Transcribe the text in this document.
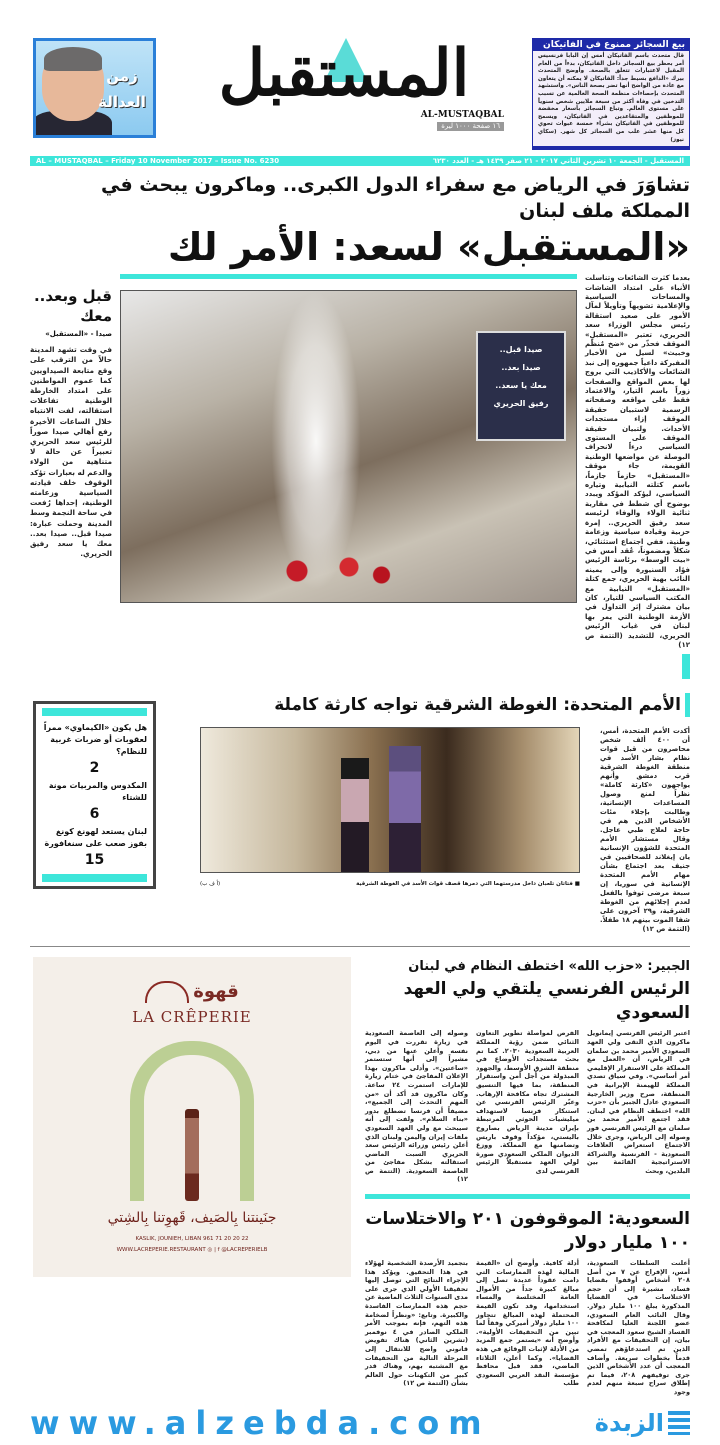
زمن العدالة المستقبل
AL-MUSTAQBAL
١٦ صفحة ١٠٠٠ ليرة
بيع السجائر ممنوع في الفاتيكان
قال متحدث باسم الفاتيكان أمس إن البابا فرنسيس أمر بحظر بيع السجائر داخل الفاتيكان، بدءاً من العام المقبل لاعتبارات تتعلق بالصحة. وأوضح المتحدث بيرك «الدافع بسيط جداً: الفاتيكان لا يمكنه أن يتعاون مع عادة من الواضح أنها تضر بصحة الناس». واستشهد المتحدث بإحصاءات منظمة الصحة العالمية عن تسبب التدخين في وفاة أكثر من سبعة ملايين شخص سنوياً على مستوى العالم. وتباع السجائر بأسعار مخفضة للموظفين والمتقاعدين في الفاتيكان، ويسمح للموظفين في الفاتيكان بشراء خمسة عبوات تحوي كل منها عشر علب من السجائر كل شهر. (سكاي نيوز)
AL – MUSTAQBAL – Friday 10 November 2017 – Issue No. 6230	المستقبل - الجمعة ١٠ تشرين الثاني ٢٠١٧ - ٢١ صفر ١٤٣٩ هـ - العدد ٦٢٣٠
تشاوَرَ في الرياض مع سفراء الدول الكبرى.. وماكرون يبحث في المملكة ملف لبنان
«المستقبل» لسعد: الأمر لك
بعدما كثرت الشائعات وتناسلت الأنباء على امتداد الشاشات والمساحات السياسية والإعلامية تشويهاً وتأويلاً لمآل الأمور على صعيد استقالة رئيس مجلس الوزراء سعد الحريري، تعتبر «المستقبل» الموقف فحذّر من «ضخ مُنظّم وخبيث» لسيل من الأخبار المفبركة داعياً جمهوره إلى نبذ الشائعات والأكاذيب التي يروج لها بعض المواقع والصفحات زوراً باسم التيار، والاعتماد فقط على مواقعه وصفحاته الرسمية لاستبيان حقيقة الموقف إزاء مستجدات الأحداث. ولتبيان حقيقة الموقف على المستوى السياسي درءاً لانحراف البوصلة عن مواضعها الوطنية القويمة، جاء موقف «المستقبل» حازماً جازماً، باسم كتلته النيابية وتياره السياسي، ليؤكد المؤكد ويبدد بوضوح أي شطط في مقاربة ثنائية الولاء والوفاء لرئيسه سعد رفيق الحريري.. إمرة حزبية وقيادة سياسية وزعامة وطنية. ففي اجتماع استثنائي، شكلاً ومضموناً، عُقد أمس في «بيت الوسط» برئاسة الرئيس فؤاد السنيورة وإلى يمينه النائب بهية الحريري، جمع كتلة «المستقبل» النيابية مع المكتب السياسي للتيار، كان بيان مشترك إثر التداول في الأزمة الوطنية التي يمر بها لبنان في غياب الرئيس الحريري، للتشديد (التتمة ص ١٢)
صيدا قبل..
صيدا بعد..
معك يا سعد..
رفيق الحريري
قبل وبعد.. معك
صيدا - «المستقبل»
في وقت تشهد المدينة حالاً من الترقب على وقع متابعة الصيداويين كما عموم المواطنين على امتداد الخارطة الوطنية تفاعلات استقالته، لفت الانتباه خلال الساعات الأخيرة رفع أهالي صيدا صوراً للرئيس سعد الحريري تعبيراً عن حالة لا متناهية من الولاء والدعم له بعبارات تؤكد الوقوف خلف قيادته السياسية وزعامته الوطنية، إحداها رُفعت في ساحة النجمة وسط المدينة وحملت عبارة: صيدا قبل.. صيدا بعد.. معك يا سعد رفيق الحريري.
الأمم المتحدة: الغوطة الشرقية تواجه كارثة كاملة
أكدت الأمم المتحدة، أمس، أن ٤٠٠ ألف شخص محاصرون من قبل قوات نظام بشار الأسد في منطقة الغوطة الشرقية قرب دمشق وأنهم يواجهون «كارثة كاملة» نظراً لمنع وصول المساعدات الإنسانية، وطالبت بإجلاء مئات الأشخاص الذين هم في حاجة لعلاج طبي عاجل. وقال مستشار الأمم المتحدة للشؤون الإنسانية يان إيغلاند للصحافيين في جنيف بعد اجتماع بشأن مهام الأمم المتحدة الإنسانية في سوريا، إن سبعة مرضى توفوا بالفعل لعدم إجلائهم من الغوطة الشرقية، و٢٩ آخرون على شفا الموت بينهم ١٨ طفلاً. (التتمة ص ١٢)
■ فتاتان تلعبان داخل مدرستهما التي دمرها قصف قوات الأسد في الغوطة الشرقية
(أ ف ب)
هل يكون «الكيماوي» ممراً لعقوبات أو ضربات غربية للنظام؟
2
المكدوس والمربيات مونة للشتاء
6
لبنان يستعد لهونغ كونغ بفوز صعب على سنغافورة
15
الجبير: «حزب الله» اختطف النظام في لبنان
الرئيس الفرنسي يلتقي ولي العهد السعودي
اعتبر الرئيس الفرنسي إيمانويل ماكرون الذي التقى ولي العهد السعودي الأمير محمد بن سلمان في الرياض، أن «العمل مع المملكة على الاستقرار الإقليمي أمر أساسي». وفي سياق تصدي المملكة للهيمنة الإيرانية في المنطقة، صرح وزير الخارجية السعودي عادل الجبير بأن «حزب الله» اختطف النظام في لبنان. فقد اجتمع الأمير محمد بن سلمان مع الرئيس الفرنسي فور وصوله إلى الرياض، وجرى خلال الاجتماع استعراض العلاقات السعودية - الفرنسية والشراكة الاستراتيجية القائمة بين البلدين، وبحث
الفرص لمواصلة تطوير التعاون الثنائي ضمن رؤية المملكة العربية السعودية ٢٠٣٠. كما تم بحث مستجدات الأوضاع في منطقة الشرق الأوسط، والجهود المبذولة من أجل أمن واستقرار المنطقة، بما فيها التنسيق المشترك تجاه مكافحة الإرهاب. وعبّر الرئيس الفرنسي عن استنكار فرنسا لاستهداف ميليشيات الحوثي المرتبطة بإيران مدينة الرياض بصاروخ باليستي، مؤكداً وقوف باريس وتضامنها مع المملكة. ووزع الديوان الملكي السعودي صورة لولي العهد مستقبلاً الرئيس الفرنسي لدى
وصوله إلى العاصمة السعودية في زيارة تقررت في اليوم نفسه وأعلن عنها من دبي، مشيراً إلى أنها ستستمر «ساعتين». وأدلى ماكرون بهذا الإعلان المفاجئ في ختام زيارة للإمارات استمرت ٢٤ ساعة. وكان ماكرون قد أكد أن «من المهم التحدث إلى الجميع»، مضيفاً أن فرنسا تضطلع بدور «بناء السلام». ولفت إلى أنه سيبحث مع ولي العهد السعودي ملفات إيران واليمن ولبنان الذي أعلن رئيس وزرائه الرئيس سعد الحريري السبت الماضي استقالته بشكل مفاجئ من العاصمة السعودية. (التتمة ص ١٢)
السعودية: الموقوفون ٢٠١ والاختلاسات ١٠٠ مليار دولار
أعلنت السلطات السعودية، أمس، الإفراج عن ٧ من أصل ٢٠٨ أشخاص أوقفوا بقضايا فساد، مشيرة إلى أن حجم الاختلاسات في القضايا المذكورة يبلغ ١٠٠ مليار دولار. وقال النائب العام السعودي، عضو اللجنة العليا لمكافحة الفساد الشيخ سعود المعجب في بيان، إن التحقيقات مع الأفراد الذين تم استدعاؤهم تمضي قدماً بخطوات سريعة. وأضاف المعجب أن عدد الأشخاص الذين جرى توقيفهم ٢٠٨، فيما تم إطلاق سراح سبعة منهم لعدم وجود
أدلة كافية. وأوضح أن «القيمة المالية لهذه الممارسات التي دامت عقوداً عديدة تصل إلى مبالغ كبيرة جداً من الأموال العامة المختلسة والمساء استخدامها، وقد تكون القيمة المحتملة لهذه المبالغ تتجاوز ١٠٠ مليار دولار أميركي وفقاً لما تبين من التحقيقات الأولية». وأوضح أنه «يستمر جمع المزيد من الأدلة لإثبات الوقائع في هذه القضايا». وكما أعلن، الثلاثاء الماضي، فقد قبل محافظ مؤسسة النقد العربي السعودي طلب
بتجميد الأرصدة الشخصية لهؤلاء في هذا التحقيق. ويؤكد هذا الإجراء النتائج التي توصل إليها تحقيقنا الأولي الذي جرى على مدى السنوات الثلاث الماضية عن حجم هذه الممارسات الفاسدة والكبيرة. وتابع: «ونظراً لضخامة هذه التهم، فإنه بموجب الأمر الملكي الصادر في ٤ نوفمبر (تشرين الثاني) هناك تفويض قانوني واضح للانتقال إلى المرحلة التالية من التحقيقات مع المشتبه بهم، وهناك قدر كبير من التكهنات حول العالم بشأن (التتمة ص ١٢)
قهوة
LA CRÊPERIE
جنَينتنا بِالصَيف، قَهوِتنا بِالشِتي
KASLIK, JOUNIEH, LIBAN 961 71 20 20 22
WWW.LACREPERIE.RESTAURANT ◎ | f @LACREPERIELB
www.alzebda.com	الزبدة
